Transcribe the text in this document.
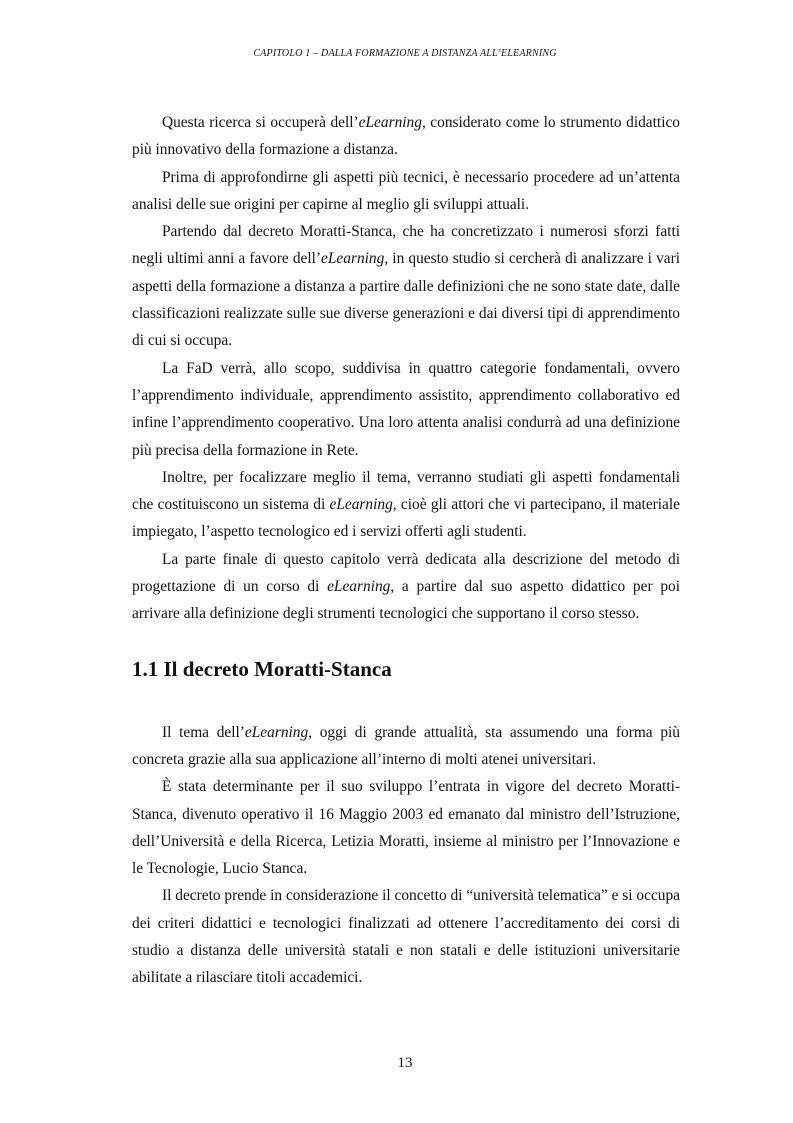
CAPITOLO 1 – DALLA FORMAZIONE A DISTANZA ALL’ELEARNING

Questa ricerca si occuperà dell’eLearning, considerato come lo strumento didattico più innovativo della formazione a distanza.

Prima di approfondirne gli aspetti più tecnici, è necessario procedere ad un’attenta analisi delle sue origini per capirne al meglio gli sviluppi attuali.

Partendo dal decreto Moratti-Stanca, che ha concretizzato i numerosi sforzi fatti negli ultimi anni a favore dell’eLearning, in questo studio si cercherà di analizzare i vari aspetti della formazione a distanza a partire dalle definizioni che ne sono state date, dalle classificazioni realizzate sulle sue diverse generazioni e dai diversi tipi di apprendimento di cui si occupa.

La FaD verrà, allo scopo, suddivisa in quattro categorie fondamentali, ovvero l’apprendimento individuale, apprendimento assistito, apprendimento collaborativo ed infine l’apprendimento cooperativo. Una loro attenta analisi condurrà ad una definizione più precisa della formazione in Rete.

Inoltre, per focalizzare meglio il tema, verranno studiati gli aspetti fondamentali che costituiscono un sistema di eLearning, cioè gli attori che vi partecipano, il materiale impiegato, l’aspetto tecnologico ed i servizi offerti agli studenti.

La parte finale di questo capitolo verrà dedicata alla descrizione del metodo di progettazione di un corso di eLearning, a partire dal suo aspetto didattico per poi arrivare alla definizione degli strumenti tecnologici che supportano il corso stesso.

1.1 Il decreto Moratti-Stanca

Il tema dell’eLearning, oggi di grande attualità, sta assumendo una forma più concreta grazie alla sua applicazione all’interno di molti atenei universitari.

È stata determinante per il suo sviluppo l’entrata in vigore del decreto Moratti-Stanca, divenuto operativo il 16 Maggio 2003 ed emanato dal ministro dell’Istruzione, dell’Università e della Ricerca, Letizia Moratti, insieme al ministro per l’Innovazione e le Tecnologie, Lucio Stanca.

Il decreto prende in considerazione il concetto di “università telematica” e si occupa dei criteri didattici e tecnologici finalizzati ad ottenere l’accreditamento dei corsi di studio a distanza delle università statali e non statali e delle istituzioni universitarie abilitate a rilasciare titoli accademici.

13
